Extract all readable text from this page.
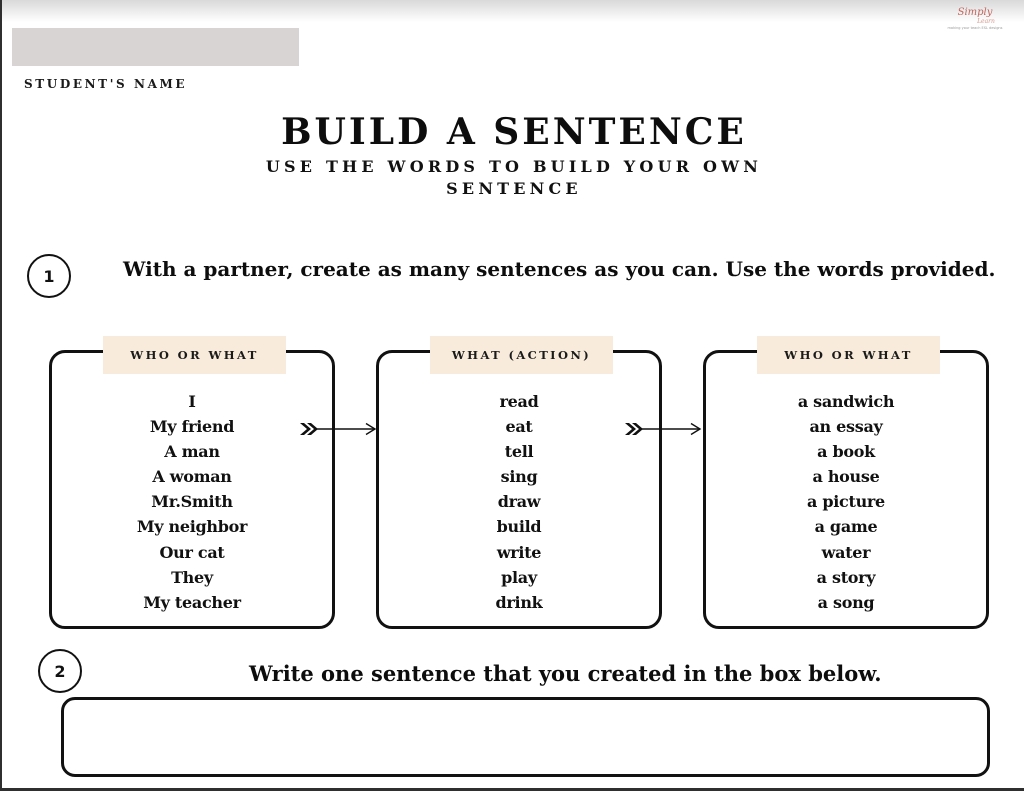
STUDENT'S NAME
Simply
Learn
making your teach ESL designs
BUILD A SENTENCE
USE THE WORDS TO BUILD YOUR OWN SENTENCE
1	With a partner, create as many sentences as you can. Use the words provided.
WHO OR WHAT
I
My friend
A man
A woman
Mr.Smith
My neighbor
Our cat
They
My teacher
WHAT (ACTION)
read
eat
tell
sing
draw
build
write
play
drink
WHO OR WHAT
a sandwich
an essay
a book
a house
a picture
a game
water
a story
a song
2	Write one sentence that you created in the box below.
